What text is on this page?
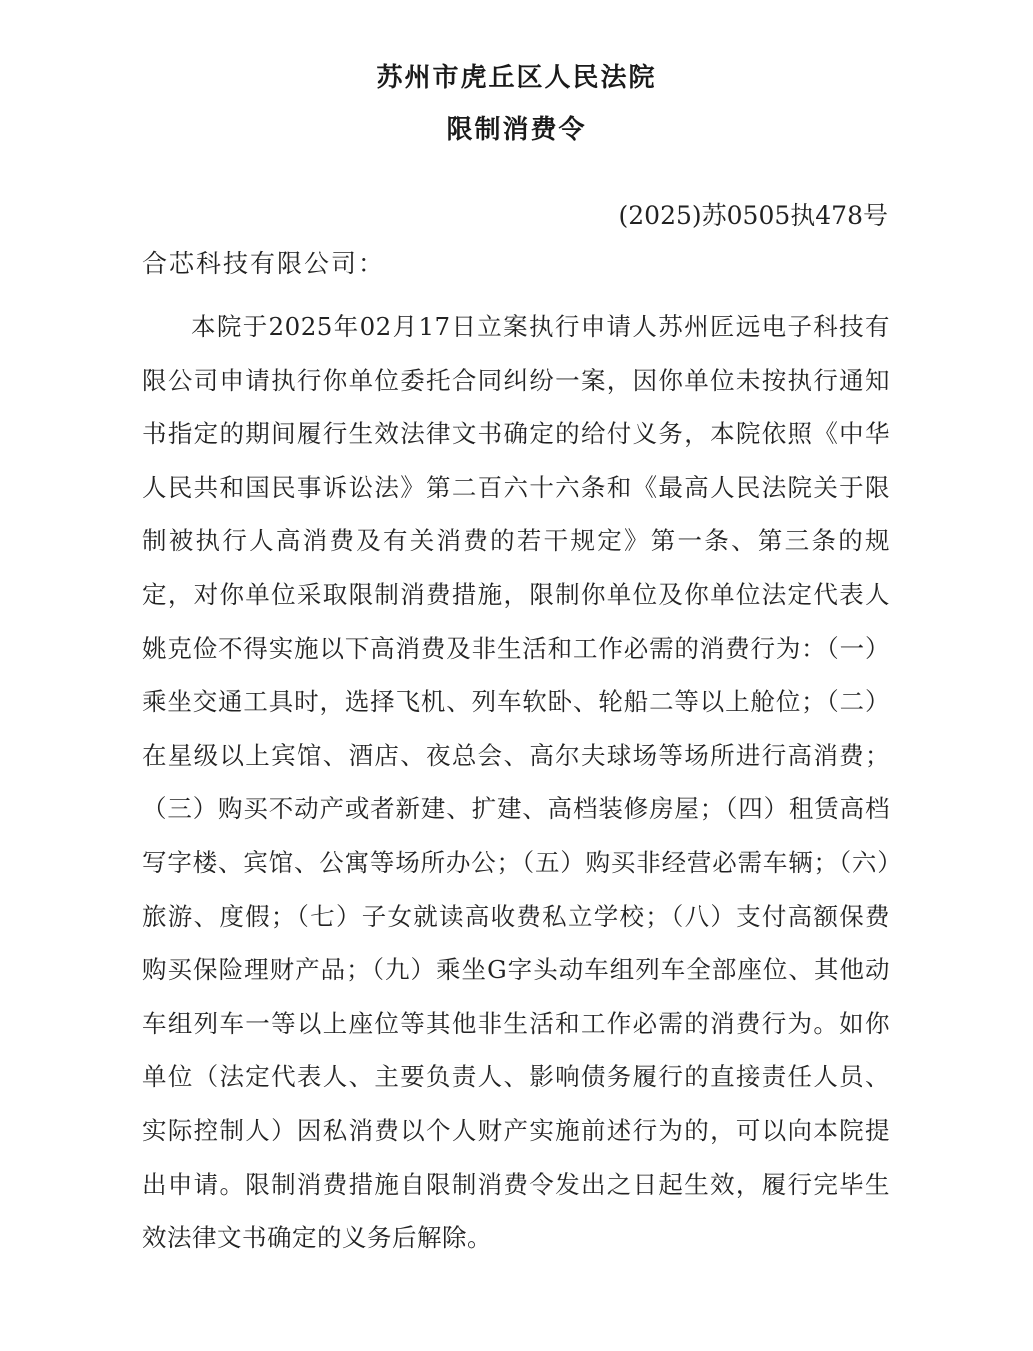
苏州市虎丘区人民法院
限制消费令
(2025)苏0505执478号
合芯科技有限公司：

本院于2025年02月17日立案执行申请人苏州匠远电子科技有限公司申请执行你单位委托合同纠纷一案，因你单位未按执行通知书指定的期间履行生效法律文书确定的给付义务，本院依照《中华人民共和国民事诉讼法》第二百六十六条和《最高人民法院关于限制被执行人高消费及有关消费的若干规定》第一条、第三条的规定，对你单位采取限制消费措施，限制你单位及你单位法定代表人姚克俭不得实施以下高消费及非生活和工作必需的消费行为：（一）乘坐交通工具时，选择飞机、列车软卧、轮船二等以上舱位；（二）在星级以上宾馆、酒店、夜总会、高尔夫球场等场所进行高消费；（三）购买不动产或者新建、扩建、高档装修房屋；（四）租赁高档写字楼、宾馆、公寓等场所办公；（五）购买非经营必需车辆；（六）旅游、度假；（七）子女就读高收费私立学校；（八）支付高额保费购买保险理财产品；（九）乘坐G字头动车组列车全部座位、其他动车组列车一等以上座位等其他非生活和工作必需的消费行为。如你单位（法定代表人、主要负责人、影响债务履行的直接责任人员、实际控制人）因私消费以个人财产实施前述行为的，可以向本院提出申请。限制消费措施自限制消费令发出之日起生效，履行完毕生效法律文书确定的义务后解除。
